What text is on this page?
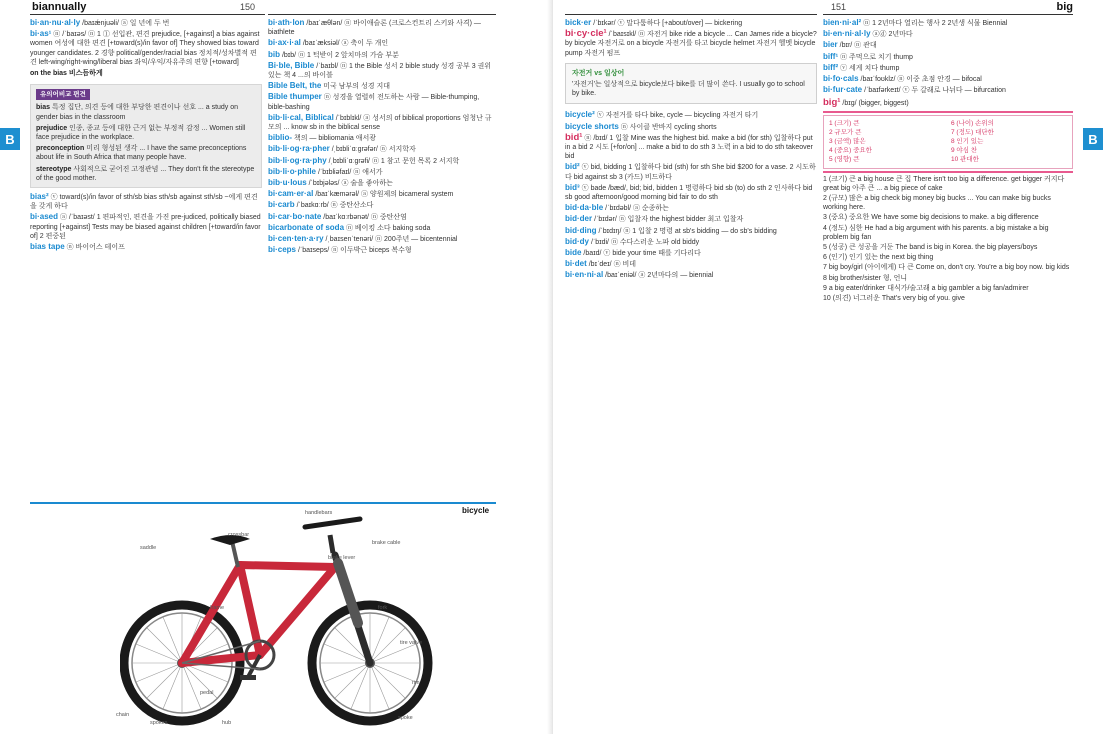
biannually	150
B
bi·an·nu·al·ly /baɪǽnjuəli/ ⓐ 일 년에 두 번
bi·as¹ ⓝ /ˈbaɪəs/ ⓝ 1 ① 선입관, 편견 prejudice, [+against] a bias against women 여성에 대한 편견 [+toward(s)/in favor of] They showed bias toward younger candidates. 2 경향 political/gender/racial bias 정치적/성차별적 편견 left-wing/right-wing/liberal bias 좌익/우익/자유주의 편향 [+toward]
on the bias 비스듬하게
유의어비교 편견
bias 특정 집단, 의견 등에 대한 부당한 편견이나 선호 ... a study on gender bias in the classroom
prejudice 인종, 종교 등에 대한 근거 없는 부정적 감정 ... Women still face prejudice in the workplace.
preconception 미리 형성된 생각 ... I have the same preconceptions about life in South Africa that many people have.
stereotype 사회적으로 굳어진 고정관념 ... They don't fit the stereotype of the good mother.
bias² ⓥ toward(s)/in favor of sth/sb bias sth/sb against sth/sb ~에게 편견을 갖게 하다
bi·ased ⓐ /ˈbaɪəst/ 1 편파적인, 편견을 가진 pre-judiced, politically biased reporting [+against] Tests may be biased against children [+toward/in favor of] 2 편중된
bias tape ⓝ 바이어스 테이프
bi·ath·lon /baɪˈæθlən/ ⓝ 바이애슬론 (크로스컨트리 스키와 사격) — biathlete
bi·ax·i·al /baɪˈæksiəl/ ⓐ 축이 두 개인
bib /bɪb/ ⓝ 1 턱받이 2 앞치마의 가슴 부분
Bi·ble, Bible /ˈbaɪbl/ ⓝ 1 the Bible 성서 2 bible study 성경 공부 3 권위 있는 책 4 ...의 바이블
Bible Belt, the 미국 남부의 성경 지대
Bible thumper ⓝ 성경을 열렬히 전도하는 사람 — Bible-thumping, bible-bashing
bib·li·cal, Biblical /ˈbɪblɪkl/ ⓐ 성서의 of biblical proportions 엄청난 규모의 ... know sb in the biblical sense
biblio- 책의 — bibliomania 애서광
bib·li·og·ra·pher /ˌbɪbliˈɑːgrəfər/ ⓝ 서지학자
bib·li·og·ra·phy /ˌbɪbliˈɑːgrəfi/ ⓝ 1 참고 문헌 목록 2 서지학
bib·li·o·phile /ˈbɪbliəfaɪl/ ⓝ 애서가
bib·u·lous /ˈbɪbjələs/ ⓐ 술을 좋아하는
bi·cam·er·al /baɪˈkæmərəl/ ⓐ 양원제의 bicameral system
bi·carb /ˈbaɪkɑːrb/ ⓝ 중탄산소다
bi·car·bo·nate /baɪˈkɑːrbənət/ ⓝ 중탄산염
bicarbonate of soda ⓝ 베이킹 소다 baking soda
bi·cen·ten·a·ry /ˌbaɪsenˈtenəri/ ⓝ 200주년 — bicentennial
bi·ceps /ˈbaɪseps/ ⓝ 이두박근 biceps 복수형
bicycle
handlebars
saddle
crossbar
brake cable
brake lever
fork
tire valve
rim
spoke
pedal
chain
hub
spokes
frame
151	big
B
bick·er /ˈbɪkər/ ⓥ 말다툼하다 [+about/over] — bickering
bi·cy·cle¹ /ˈbaɪsɪkl/ ⓝ 자전거 bike ride a bicycle ... Can James ride a bicycle? by bicycle 자전거로 on a bicycle 자전거를 타고 bicycle helmet 자전거 헬멧 bicycle pump 자전거 펌프
자전거 vs 일상어
'자전거'는 일상적으로 bicycle보다 bike를 더 많이 쓴다. I usually go to school by bike.
bicycle² ⓥ 자전거를 타다 bike, cycle — bicycling 자전거 타기
bicycle shorts ⓝ 사이클 반바지 cycling shorts
bid¹ ⓝ /bɪd/ 1 입찰 Mine was the highest bid. make a bid (for sth) 입찰하다 put in a bid 2 시도 [+for/on] ... make a bid to do sth 3 노력 in a bid to do sth takeover bid
bid² ⓥ bid, bidding 1 입찰하다 bid (sth) for sth She bid $200 for a vase. 2 시도하다 bid against sb 3 (카드) 비드하다
bid³ ⓥ bade /bæd/, bid; bid, bidden 1 명령하다 bid sb (to) do sth 2 인사하다 bid sb good afternoon/good morning bid fair to do sth
bid·da·ble /ˈbɪdəbl/ ⓐ 순종하는
bid·der /ˈbɪdər/ ⓝ 입찰자 the highest bidder 최고 입찰자
bid·ding /ˈbɪdɪŋ/ ⓝ 1 입찰 2 명령 at sb's bidding — do sb's bidding
bid·dy /ˈbɪdi/ ⓝ 수다스러운 노파 old biddy
bide /baɪd/ ⓥ bide your time 때를 기다리다
bi·det /bɪˈdeɪ/ ⓝ 비데
bi·en·ni·al /baɪˈeniəl/ ⓐ 2년마다의 — biennial
bien·ni·al² ⓝ 1 2년마다 열리는 행사 2 2년생 식물 Biennial
bi·en·ni·al·ly ⓐⓓ 2년마다
bier /bɪr/ ⓝ 관대
biff¹ ⓝ 주먹으로 치기 thump
biff² ⓥ 세게 치다 thump
bi·fo·cals /baɪˈfoʊklz/ ⓝ 이중 초점 안경 — bifocal
bi·fur·cate /ˈbaɪfərkeɪt/ ⓥ 두 갈래로 나뉘다 — bifurcation
big¹ /bɪɡ/ (bigger, biggest)
1 (크기) 큰	6 (나이) 손위의
2 규모가 큰	7 (정도) 대단한
3 (금액) 많은	8 인기 있는
4 (중요) 중요한	9 야심 찬
5 (영향) 큰	10 관대한
1 (크기) 큰 a big house 큰 집 There isn't too big a difference. get bigger 커지다 great big 아주 큰 ... a big piece of cake
2 (규모) 많은 a big check big money big bucks ... You can make big bucks working here.
3 (중요) 중요한 We have some big decisions to make. a big difference
4 (정도) 심한 He had a big argument with his parents. a big mistake a big problem big fan
5 (성공) 큰 성공을 거둔 The band is big in Korea. the big players/boys
6 (인기) 인기 있는 the next big thing
7 big boy/girl (아이에게) 다 큰 Come on, don't cry. You're a big boy now. big kids
8 big brother/sister 형, 언니
9 a big eater/drinker 대식가/술고래 a big gambler a big fan/admirer
10 (의견) 너그러운 That's very big of you. give
